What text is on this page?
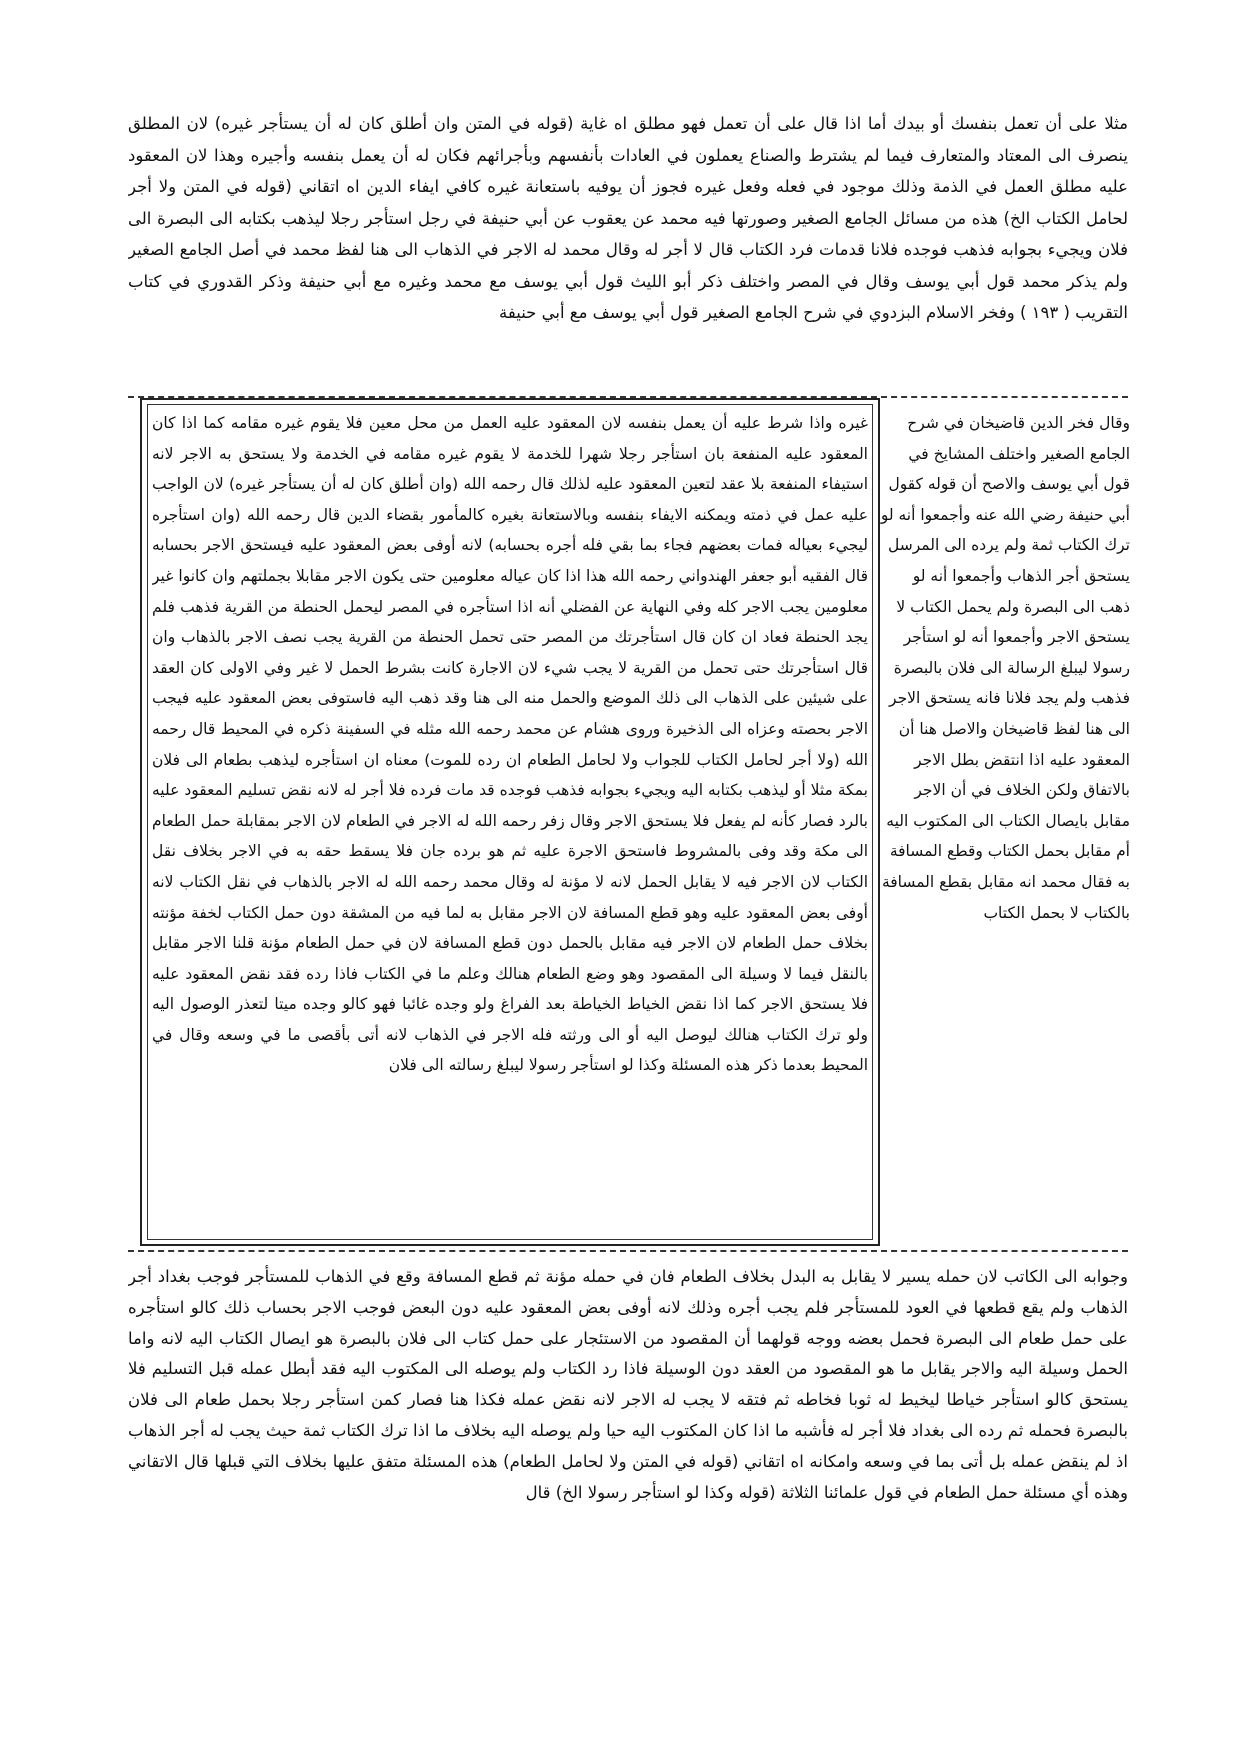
مثلا على أن تعمل بنفسك أو بيدك أما اذا قال على أن تعمل فهو مطلق اه غاية (قوله في المتن وان أطلق كان له أن يستأجر غيره) لان المطلق ينصرف الى المعتاد والمتعارف فيما لم يشترط والصناع يعملون في العادات بأنفسهم وبأجرائهم فكان له أن يعمل بنفسه وأجيره وهذا لان المعقود عليه مطلق العمل في الذمة وذلك موجود في فعله وفعل غيره فجوز أن يوفيه باستعانة غيره كافي ايفاء الدين اه اتقاني (قوله في المتن ولا أجر لحامل الكتاب الخ) هذه من مسائل الجامع الصغير وصورتها فيه محمد عن يعقوب عن أبي حنيفة في رجل استأجر رجلا ليذهب بكتابه الى البصرة الى فلان ويجيء بجوابه فذهب فوجده فلانا قدمات فرد الكتاب قال لا أجر له وقال محمد له الاجر في الذهاب الى هنا لفظ محمد في أصل الجامع الصغير ولم يذكر محمد قول أبي يوسف وقال في المصر واختلف ذكر أبو الليث قول أبي يوسف مع محمد وغيره مع أبي حنيفة وذكر القدوري في كتاب التقريب ( ١٩٣ ) وفخر الاسلام البزدوي في شرح الجامع الصغير قول أبي يوسف مع أبي حنيفة

غيره واذا شرط عليه أن يعمل بنفسه لان المعقود عليه العمل من محل معين فلا يقوم غيره مقامه كما اذا كان المعقود عليه المنفعة بان استأجر رجلا شهرا للخدمة لا يقوم غيره مقامه في الخدمة ولا يستحق به الاجر لانه استيفاء المنفعة بلا عقد لتعين المعقود عليه لذلك قال رحمه الله (وان أطلق كان له أن يستأجر غيره) لان الواجب عليه عمل في ذمته ويمكنه الايفاء بنفسه وبالاستعانة بغيره كالمأمور بقضاء الدين قال رحمه الله (وان استأجره ليجيء بعياله فمات بعضهم فجاء بما بقي فله أجره بحسابه) لانه أوفى بعض المعقود عليه فيستحق الاجر بحسابه قال الفقيه أبو جعفر الهندواني رحمه الله هذا اذا كان عياله معلومين حتى يكون الاجر مقابلا بجملتهم وان كانوا غير معلومين يجب الاجر كله وفي النهاية عن الفضلي أنه اذا استأجره في المصر ليحمل الحنطة من القرية فذهب فلم يجد الحنطة فعاد ان كان قال استأجرتك من المصر حتى تحمل الحنطة من القرية يجب نصف الاجر بالذهاب وان قال استأجرتك حتى تحمل من القرية لا يجب شيء لان الاجارة كانت بشرط الحمل لا غير وفي الاولى كان العقد على شيئين على الذهاب الى ذلك الموضع والحمل منه الى هنا وقد ذهب اليه فاستوفى بعض المعقود عليه فيجب الاجر بحصته وعزاه الى الذخيرة وروى هشام عن محمد رحمه الله مثله في السفينة ذكره في المحيط قال رحمه الله (ولا أجر لحامل الكتاب للجواب ولا لحامل الطعام ان رده للموت) معناه ان استأجره ليذهب بطعام الى فلان بمكة مثلا أو ليذهب بكتابه اليه ويجيء بجوابه فذهب فوجده قد مات فرده فلا أجر له لانه نقض تسليم المعقود عليه بالرد فصار كأنه لم يفعل فلا يستحق الاجر وقال زفر رحمه الله له الاجر في الطعام لان الاجر بمقابلة حمل الطعام الى مكة وقد وفى بالمشروط فاستحق الاجرة عليه ثم هو برده جان فلا يسقط حقه به في الاجر بخلاف نقل الكتاب لان الاجر فيه لا يقابل الحمل لانه لا مؤنة له وقال محمد رحمه الله له الاجر بالذهاب في نقل الكتاب لانه أوفى بعض المعقود عليه وهو قطع المسافة لان الاجر مقابل به لما فيه من المشقة دون حمل الكتاب لخفة مؤنته بخلاف حمل الطعام لان الاجر فيه مقابل بالحمل دون قطع المسافة لان في حمل الطعام مؤنة قلنا الاجر مقابل بالنقل فيما لا وسيلة الى المقصود وهو وضع الطعام هنالك وعلم ما في الكتاب فاذا رده فقد نقض المعقود عليه فلا يستحق الاجر كما اذا نقض الخياط الخياطة بعد الفراغ ولو وجده غائبا فهو كالو وجده ميتا لتعذر الوصول اليه ولو ترك الكتاب هنالك ليوصل اليه أو الى ورثته فله الاجر في الذهاب لانه أتى بأقصى ما في وسعه وقال في المحيط بعدما ذكر هذه المسئلة وكذا لو استأجر رسولا ليبلغ رسالته الى فلان

وقال فخر الدين قاضيخان في شرح الجامع الصغير واختلف المشايخ في قول أبي يوسف والاصح أن قوله كقول أبي حنيفة رضي الله عنه وأجمعوا أنه لو ترك الكتاب ثمة ولم يرده الى المرسل يستحق أجر الذهاب وأجمعوا أنه لو ذهب الى البصرة ولم يحمل الكتاب لا يستحق الاجر وأجمعوا أنه لو استأجر رسولا ليبلغ الرسالة الى فلان بالبصرة فذهب ولم يجد فلانا فانه يستحق الاجر الى هنا لفظ قاضيخان والاصل هنا أن المعقود عليه اذا انتقض بطل الاجر بالاتفاق ولكن الخلاف في أن الاجر مقابل بايصال الكتاب الى المكتوب اليه أم مقابل بحمل الكتاب وقطع المسافة به فقال محمد انه مقابل بقطع المسافة بالكتاب لا بحمل الكتاب

وجوابه الى الكاتب لان حمله يسير لا يقابل به البدل بخلاف الطعام فان في حمله مؤنة ثم قطع المسافة وقع في الذهاب للمستأجر فوجب بغداد أجر الذهاب ولم يقع قطعها في العود للمستأجر فلم يجب أجره وذلك لانه أوفى بعض المعقود عليه دون البعض فوجب الاجر بحساب ذلك كالو استأجره على حمل طعام الى البصرة فحمل بعضه ووجه قولهما أن المقصود من الاستئجار على حمل كتاب الى فلان بالبصرة هو ايصال الكتاب اليه لانه واما الحمل وسيلة اليه والاجر يقابل ما هو المقصود من العقد دون الوسيلة فاذا رد الكتاب ولم يوصله الى المكتوب اليه فقد أبطل عمله قبل التسليم فلا يستحق كالو استأجر خياطا ليخيط له ثوبا فخاطه ثم فتقه لا يجب له الاجر لانه نقض عمله فكذا هنا فصار كمن استأجر رجلا بحمل طعام الى فلان بالبصرة فحمله ثم رده الى بغداد فلا أجر له فأشبه ما اذا كان المكتوب اليه حيا ولم يوصله اليه بخلاف ما اذا ترك الكتاب ثمة حيث يجب له أجر الذهاب اذ لم ينقض عمله بل أتى بما في وسعه وامكانه اه اتقاني (قوله في المتن ولا لحامل الطعام) هذه المسئلة متفق عليها بخلاف التي قبلها قال الاتقاني وهذه أي مسئلة حمل الطعام في قول علمائنا الثلاثة (قوله وكذا لو استأجر رسولا الخ) قال
